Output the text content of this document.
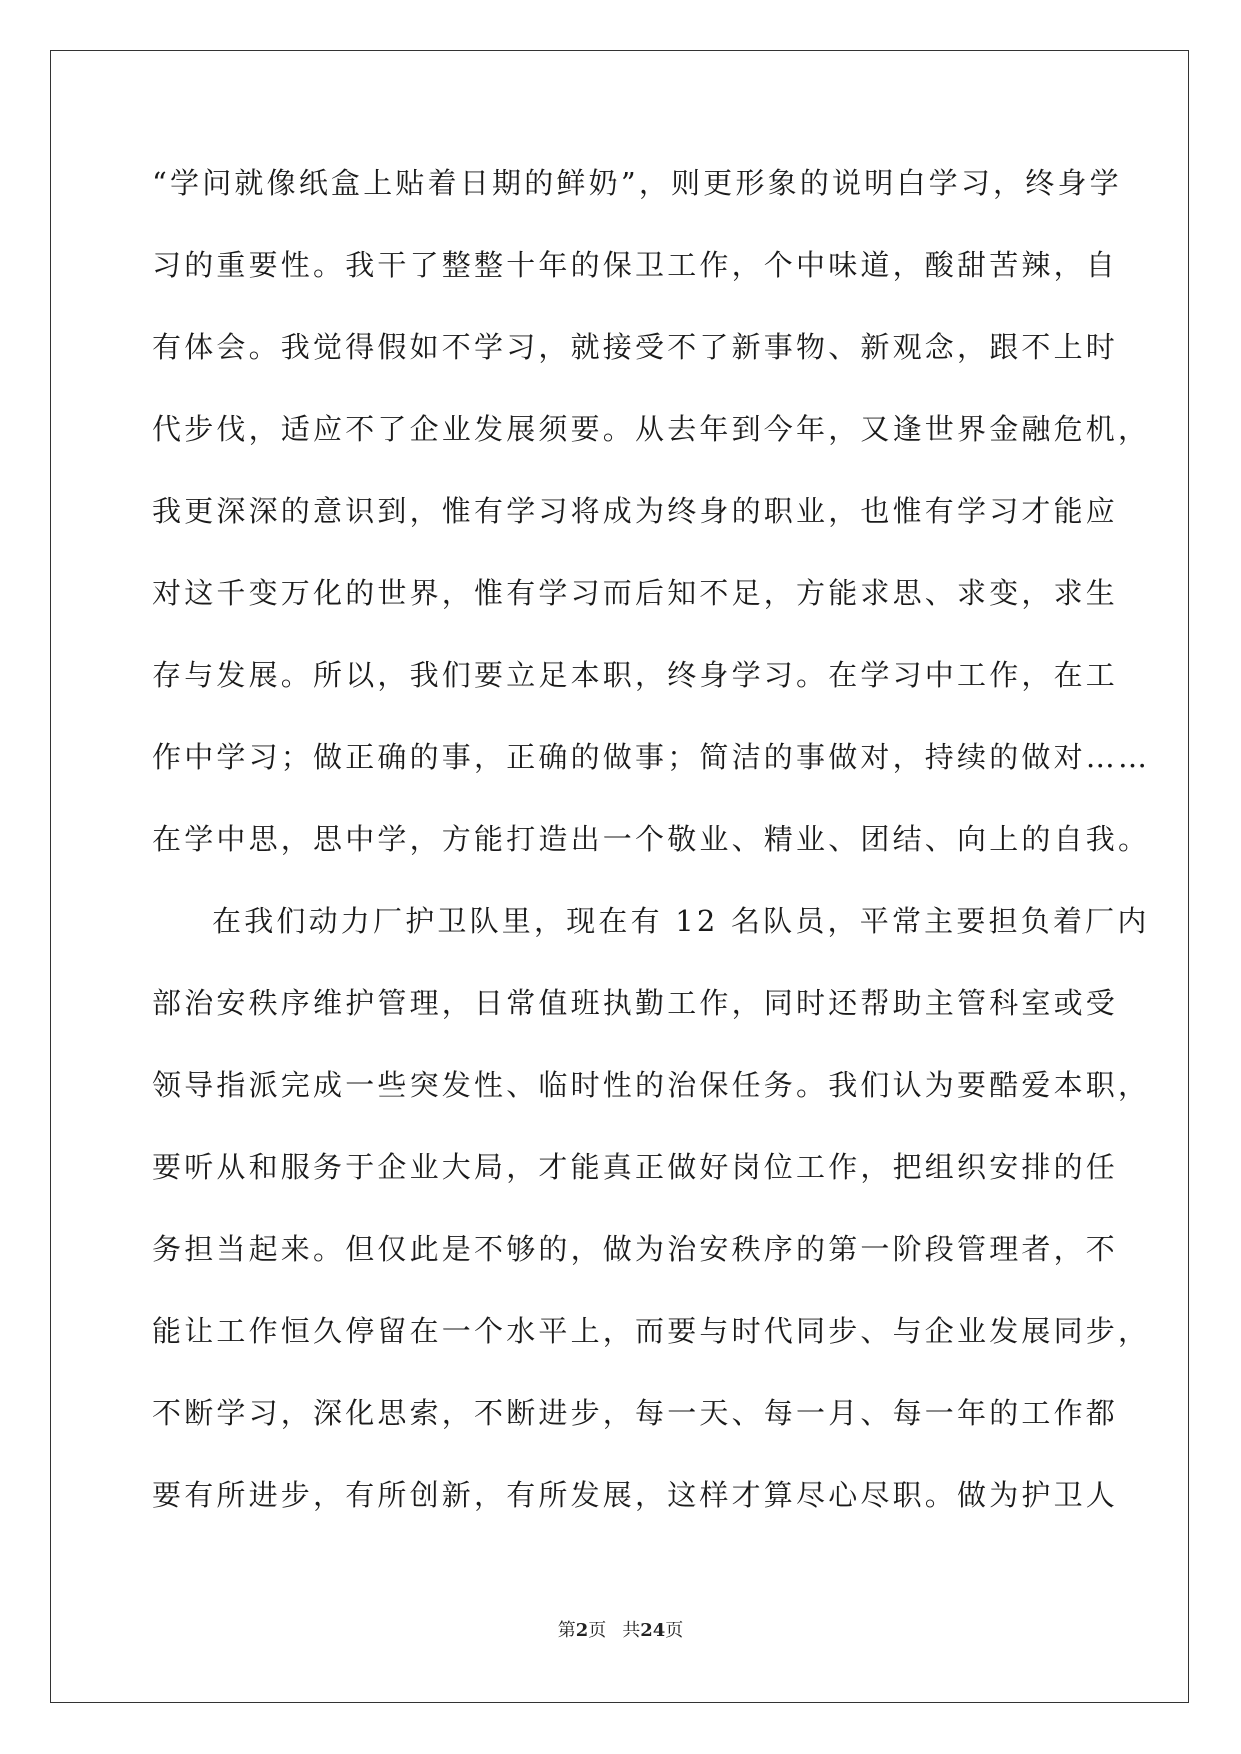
“学问就像纸盒上贴着日期的鲜奶”，则更形象的说明白学习，终身学
习的重要性。我干了整整十年的保卫工作，个中味道，酸甜苦辣，自
有体会。我觉得假如不学习，就接受不了新事物、新观念，跟不上时
代步伐，适应不了企业发展须要。从去年到今年，又逢世界金融危机，
我更深深的意识到，惟有学习将成为终身的职业，也惟有学习才能应
对这千变万化的世界，惟有学习而后知不足，方能求思、求变，求生
存与发展。所以，我们要立足本职，终身学习。在学习中工作，在工
作中学习；做正确的事，正确的做事；简洁的事做对，持续的做对……
在学中思，思中学，方能打造出一个敬业、精业、团结、向上的自我。
在我们动力厂护卫队里，现在有 12 名队员，平常主要担负着厂内
部治安秩序维护管理，日常值班执勤工作，同时还帮助主管科室或受
领导指派完成一些突发性、临时性的治保任务。我们认为要酷爱本职，
要听从和服务于企业大局，才能真正做好岗位工作，把组织安排的任
务担当起来。但仅此是不够的，做为治安秩序的第一阶段管理者，不
能让工作恒久停留在一个水平上，而要与时代同步、与企业发展同步，
不断学习，深化思索，不断进步，每一天、每一月、每一年的工作都
要有所进步，有所创新，有所发展，这样才算尽心尽职。做为护卫人
第2页 共24页
